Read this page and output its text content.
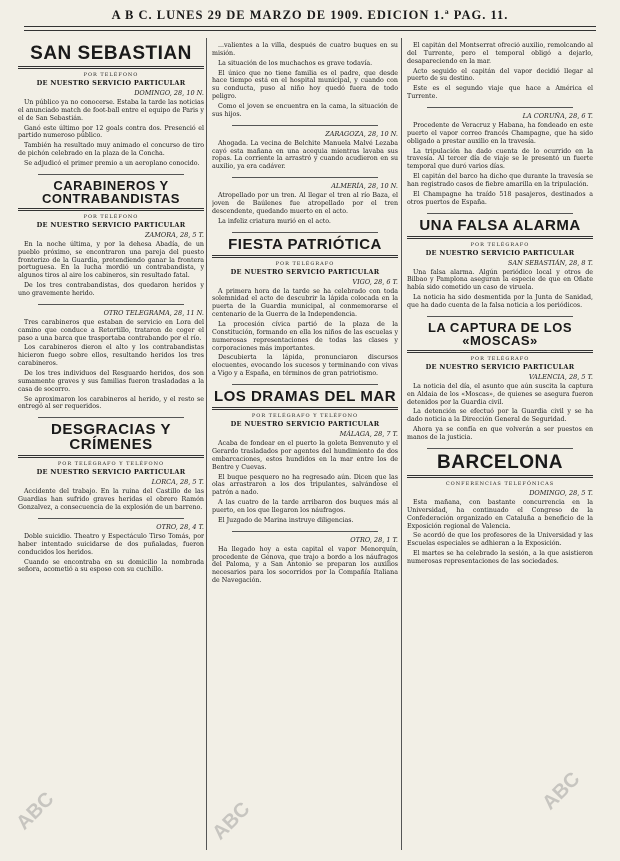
A B C. LUNES 29 DE MARZO DE 1909. EDICION 1.ª PAG. 11.
SAN SEBASTIAN
POR TELÉFONO
DE NUESTRO SERVICIO PARTICULAR
DOMINGO, 28, 10 N.

Un público ya no conocerse. Estaba la tarde las noticias el anunciado match de foot-ball entre el equipo de Paris y el de San Sebastián.

Ganó este último por 12 goals contra dos. Presenció el partido numeroso público.

También ha resultado muy animado el concurso de tiro de pichón celebrado en la plaza de la Concha.

Se adjudicó el primer premio a un aeroplano conocido.

CARABINEROS Y CONTRABANDISTAS
POR TELÉFONO
DE NUESTRO SERVICIO PARTICULAR
ZAMORA, 28, 5 T.

En la noche última, y por la dehesa Abadía, de un pueblo próximo, se encontraron una pareja del puesto fronterizo de la Guardia, pretendiendo ganar la frontera portuguesa. En la lucha mordió un contrabandista, y algunos tiros al aire los cabineros, sin resultado fatal.

De los tres contrabandistas, dos quedaron heridos y uno gravemente herido.

OTRO TELEGRAMA, 28, 11 N.

Tres carabineros que estaban de servicio en Lora del camino que conduce a Retortillo, trataron de coger el paso a una barca que trasportaba contrabando por el río.

Los carabineros dieron el alto y los contrabandistas hicieron fuego sobre ellos, resultando heridos los tres carabineros.

De los tres individuos del Resguardo heridos, dos son sumamente graves y sus familias fueron trasladadas a la casa de socorro.

Se aproximaron los carabineros al herido, y el resto se entregó al ser requeridos.

DESGRACIAS Y CRÍMENES
POR TELÉGRAFO Y TELÉFONO
DE NUESTRO SERVICIO PARTICULAR
LORCA, 28, 5 T.

Accidente del trabajo. En la ruina del Castillo de las Guardias han sufrido graves heridas el obrero Ramón Gonzalvez, a consecuencia de la explosión de un barreno.

OTRO, 28, 4 T.

Doble suicidio. Theatro y Espectáculo Tirso Tomás, por haber intentado suicidarse de dos puñaladas, fueron conducidos los heridos.

Cuando se encontraba en su domicilio la nombrada señora, acometió a su esposo con su cuchillo.

...valientes a la villa, después de cuatro buques en su misión.

La situación de los muchachos es grave todavía.

El único que no tiene familia es el padre, que desde hace tiempo está en el hospital municipal, y cuando con su conducta, puso al niño hoy quedó fuera de todo peligro.

Como el joven se encuentra en la cama, la situación de sus hijos.

ZARAGOZA, 28, 10 N.

Ahogada. La vecina de Belchite Manuela Malvé Lezaba cayó esta mañana en una acequia mientras lavaba sus ropas. La corriente la arrastró y cuando acudieron en su auxilio, ya era cadáver.

ALMERÍA, 28, 10 N.

Atropellado por un tren. Al llegar el tren al río Baza, el joven de Baúlenes fue atropellado por el tren descendente, quedando muerto en el acto.

La infeliz criatura murió en el acto.

FIESTA PATRIÓTICA
POR TELÉGRAFO
DE NUESTRO SERVICIO PARTICULAR
VIGO, 28, 6 T.

A primera hora de la tarde se ha celebrado con toda solemnidad el acto de descubrir la lápida colocada en la puerta de la Guardia municipal, al conmemorarse el centenario de la Guerra de la Independencia.

La procesión cívica partió de la plaza de la Constitución, formando en ella los niños de las escuelas y numerosas representaciones de todas las clases y corporaciones más importantes.

Descubierta la lápida, pronunciaron discursos elocuentes, evocando los sucesos y terminando con vivas a Vigo y a España, en términos de gran patriotismo.

LOS DRAMAS DEL MAR
POR TELÉGRAFO Y TELÉFONO
DE NUESTRO SERVICIO PARTICULAR
MÁLAGA, 28, 7 T.

Acaba de fondear en el puerto la goleta Benvenuto y el Gerardo trasladados por agentes del hundimiento de dos embarcaciones, estos hundidos en la mar entre los de Bentre y Cuevas.

El buque pesquero no ha regresado aún. Dicen que las olas arrastraron a los dos tripulantes, salvándose el patrón a nado.

A las cuatro de la tarde arribaron dos buques más al puerto, en los que llegaron los náufragos.

El Juzgado de Marina instruye diligencias.

OTRO, 28, 1 T.

Ha llegado hoy a esta capital el vapor Menorquín, procedente de Génova, que trajo a bordo a los náufragos del Paloma, y a San Antonio se preparan los auxilios necesarios para los socorridos por la Compañía Italiana de Navegación.

El capitán del Montserrat ofreció auxilio, remolcando al del Turrente, pero el temporal obligó a dejarlo, desapareciendo en la mar.

Acto seguido el capitán del vapor decidió llegar al puerto de su destino.

Este es el segundo viaje que hace a América el Turrente.

LA CORUÑA, 28, 6 T.

Procedente de Veracruz y Habana, ha fondeado en este puerto el vapor correo francés Champagne, que ha sido obligado a prestar auxilio en la travesía.

La tripulación ha dado cuenta de lo ocurrido en la travesía. Al tercer día de viaje se le presentó un fuerte temporal que duró varios días.

El capitán del barco ha dicho que durante la travesía se han registrado casos de fiebre amarilla en la tripulación.

El Champagne ha traído 518 pasajeros, destinados a otros puertos de España.

UNA FALSA ALARMA
POR TELÉGRAFO
DE NUESTRO SERVICIO PARTICULAR
SAN SEBASTIÁN, 28, 8 T.

Una falsa alarma. Algún periódico local y otros de Bilbao y Pamplona aseguran la especie de que en Oñate había sido cometido un caso de viruela.

La noticia ha sido desmentida por la Junta de Sanidad, que ha dado cuenta de la falsa noticia a los periódicos.

LA CAPTURA DE LOS «MOSCAS»
POR TELÉGRAFO
DE NUESTRO SERVICIO PARTICULAR
VALENCIA, 28, 5 T.

La noticia del día, el asunto que aún suscita la captura en Aldaia de los «Moscas», de quienes se asegura fueron detenidos por la Guardia civil.

La detención se efectuó por la Guardia civil y se ha dado noticia a la Dirección General de Seguridad.

Ahora ya se confía en que volverán a ser puestos en manos de la justicia.

BARCELONA
CONFERENCIAS TELEFÓNICAS
DOMINGO, 28, 5 T.

Esta mañana, con bastante concurrencia en la Universidad, ha continuado el Congreso de la Confederación organizado en Cataluña a beneficio de la Exposición regional de Valencia.

Se acordó de que los profesores de la Universidad y las Escuelas especiales se adhieran a la Exposición.

El martes se ha celebrado la sesión, a la que asistieron numerosas representaciones de las sociedades.

ABC	ABC
ABC
